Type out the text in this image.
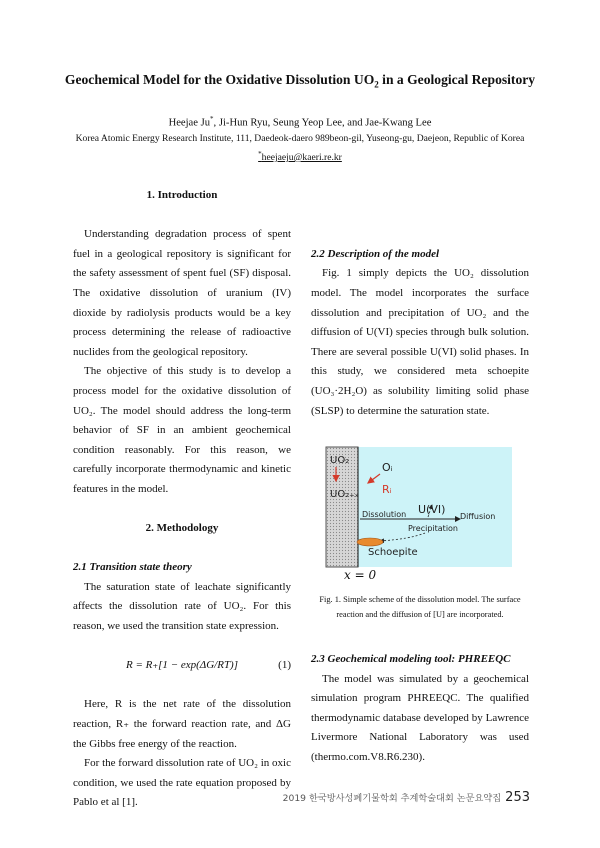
Geochemical Model for the Oxidative Dissolution $UO_2$ in a Geological Repository
Heejae Ju*, Ji-Hun Ryu, Seung Yeop Lee, and Jae-Kwang Lee
Korea Atomic Energy Research Institute, 111, Daedeok-daero 989beon-gil, Yuseong-gu, Daejeon, Republic of Korea
*heejaeju@kaeri.re.kr

1. Introduction

Understanding degradation process of spent fuel in a geological repository is significant for the safety assessment of spent fuel (SF) disposal. The oxidative dissolution of uranium (IV) dioxide by radiolysis products would be a key process determining the release of radioactive nuclides from the geological repository.

The objective of this study is to develop a process model for the oxidative dissolution of UO₂. The model should address the long-term behavior of SF in an ambient geochemical condition reasonably. For this reason, we carefully incorporate thermodynamic and kinetic features in the model.

2. Methodology

2.1 Transition state theory

The saturation state of leachate significantly affects the dissolution rate of UO₂. For this reason, we used the transition state expression.

R = R₊[1 − exp(ΔG/RT)]	(1)

Here, R is the net rate of the dissolution reaction, R₊ the forward reaction rate, and ΔG the Gibbs free energy of the reaction.

For the forward dissolution rate of UO₂ in oxic condition, we used the rate equation proposed by Pablo et al [1].

2.2 Description of the model

Fig. 1 simply depicts the UO₂ dissolution model. The model incorporates the surface dissolution and precipitation of UO₂ and the diffusion of U(VI) species through bulk solution. There are several possible U(VI) solid phases. In this study, we considered meta schoepite (UO₃·2H₂O) as solubility limiting solid phase (SLSP) to determine the saturation state.

UO₂
UO₂₊ₓ
Oᵢ
Rᵢ
U(VI)
Dissolution	Diffusion
Precipitation
Schoepite
x = 0
Fig. 1. Simple scheme of the dissolution model. The surface reaction and the diffusion of [U] are incorporated.

2.3 Geochemical modeling tool: PHREEQC

The model was simulated by a geochemical simulation program PHREEQC. The qualified thermodynamic database developed by Lawrence Livermore National Laboratory was used (thermo.com.V8.R6.230).

2019 한국방사성폐기물학회 추계학술대회 논문요약집 253
